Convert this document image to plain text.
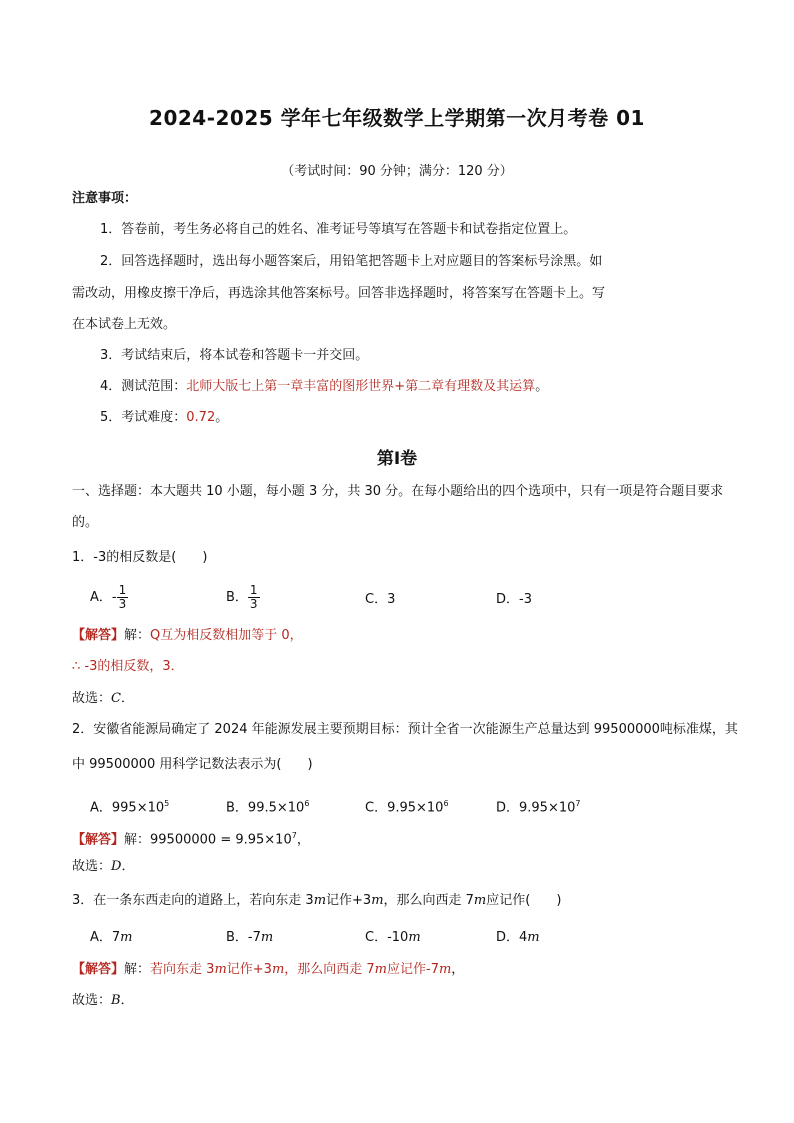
2024-2025 学年七年级数学上学期第一次月考卷 01
（考试时间：90 分钟；满分：120 分）
注意事项：
1．答卷前，考生务必将自己的姓名、准考证号等填写在答题卡和试卷指定位置上。
2．回答选择题时，选出每小题答案后，用铅笔把答题卡上对应题目的答案标号涂黑。如
需改动，用橡皮擦干净后，再选涂其他答案标号。回答非选择题时，将答案写在答题卡上。写
在本试卷上无效。
3．考试结束后，将本试卷和答题卡一并交回。
4．测试范围：北师大版七上第一章丰富的图形世界+第二章有理数及其运算。
5．考试难度：0.72。
第Ⅰ卷
一、选择题：本大题共 10 小题，每小题 3 分，共 30 分。在每小题给出的四个选项中，只有一项是符合题目要求
的。
1．-3的相反数是( )
A．- $\frac{1}{3}$	B． $\frac{1}{3}$	C．3	D．-3
【解答】解：Q互为相反数相加等于 0，
∴ -3的相反数，3．
故选：C．
2．安徽省能源局确定了 2024 年能源发展主要预期目标：预计全省一次能源生产总量达到 99500000吨标准煤，其
中 99500000 用科学记数法表示为( )
A．$995\times 10^5$	B．$99.5\times 10^6$	C．$9.95\times 10^6$	D．$9.95\times 10^7$
【解答】解：$99500000 = 9.95\times 10^7$，
故选：D．
3．在一条东西走向的道路上，若向东走 3m记作+3m，那么向西走 7m应记作( )
A．7m	B．-7m	C．-10m	D．4m
【解答】解：若向东走 3m记作+3m，那么向西走 7m应记作-7m，
故选：B．
